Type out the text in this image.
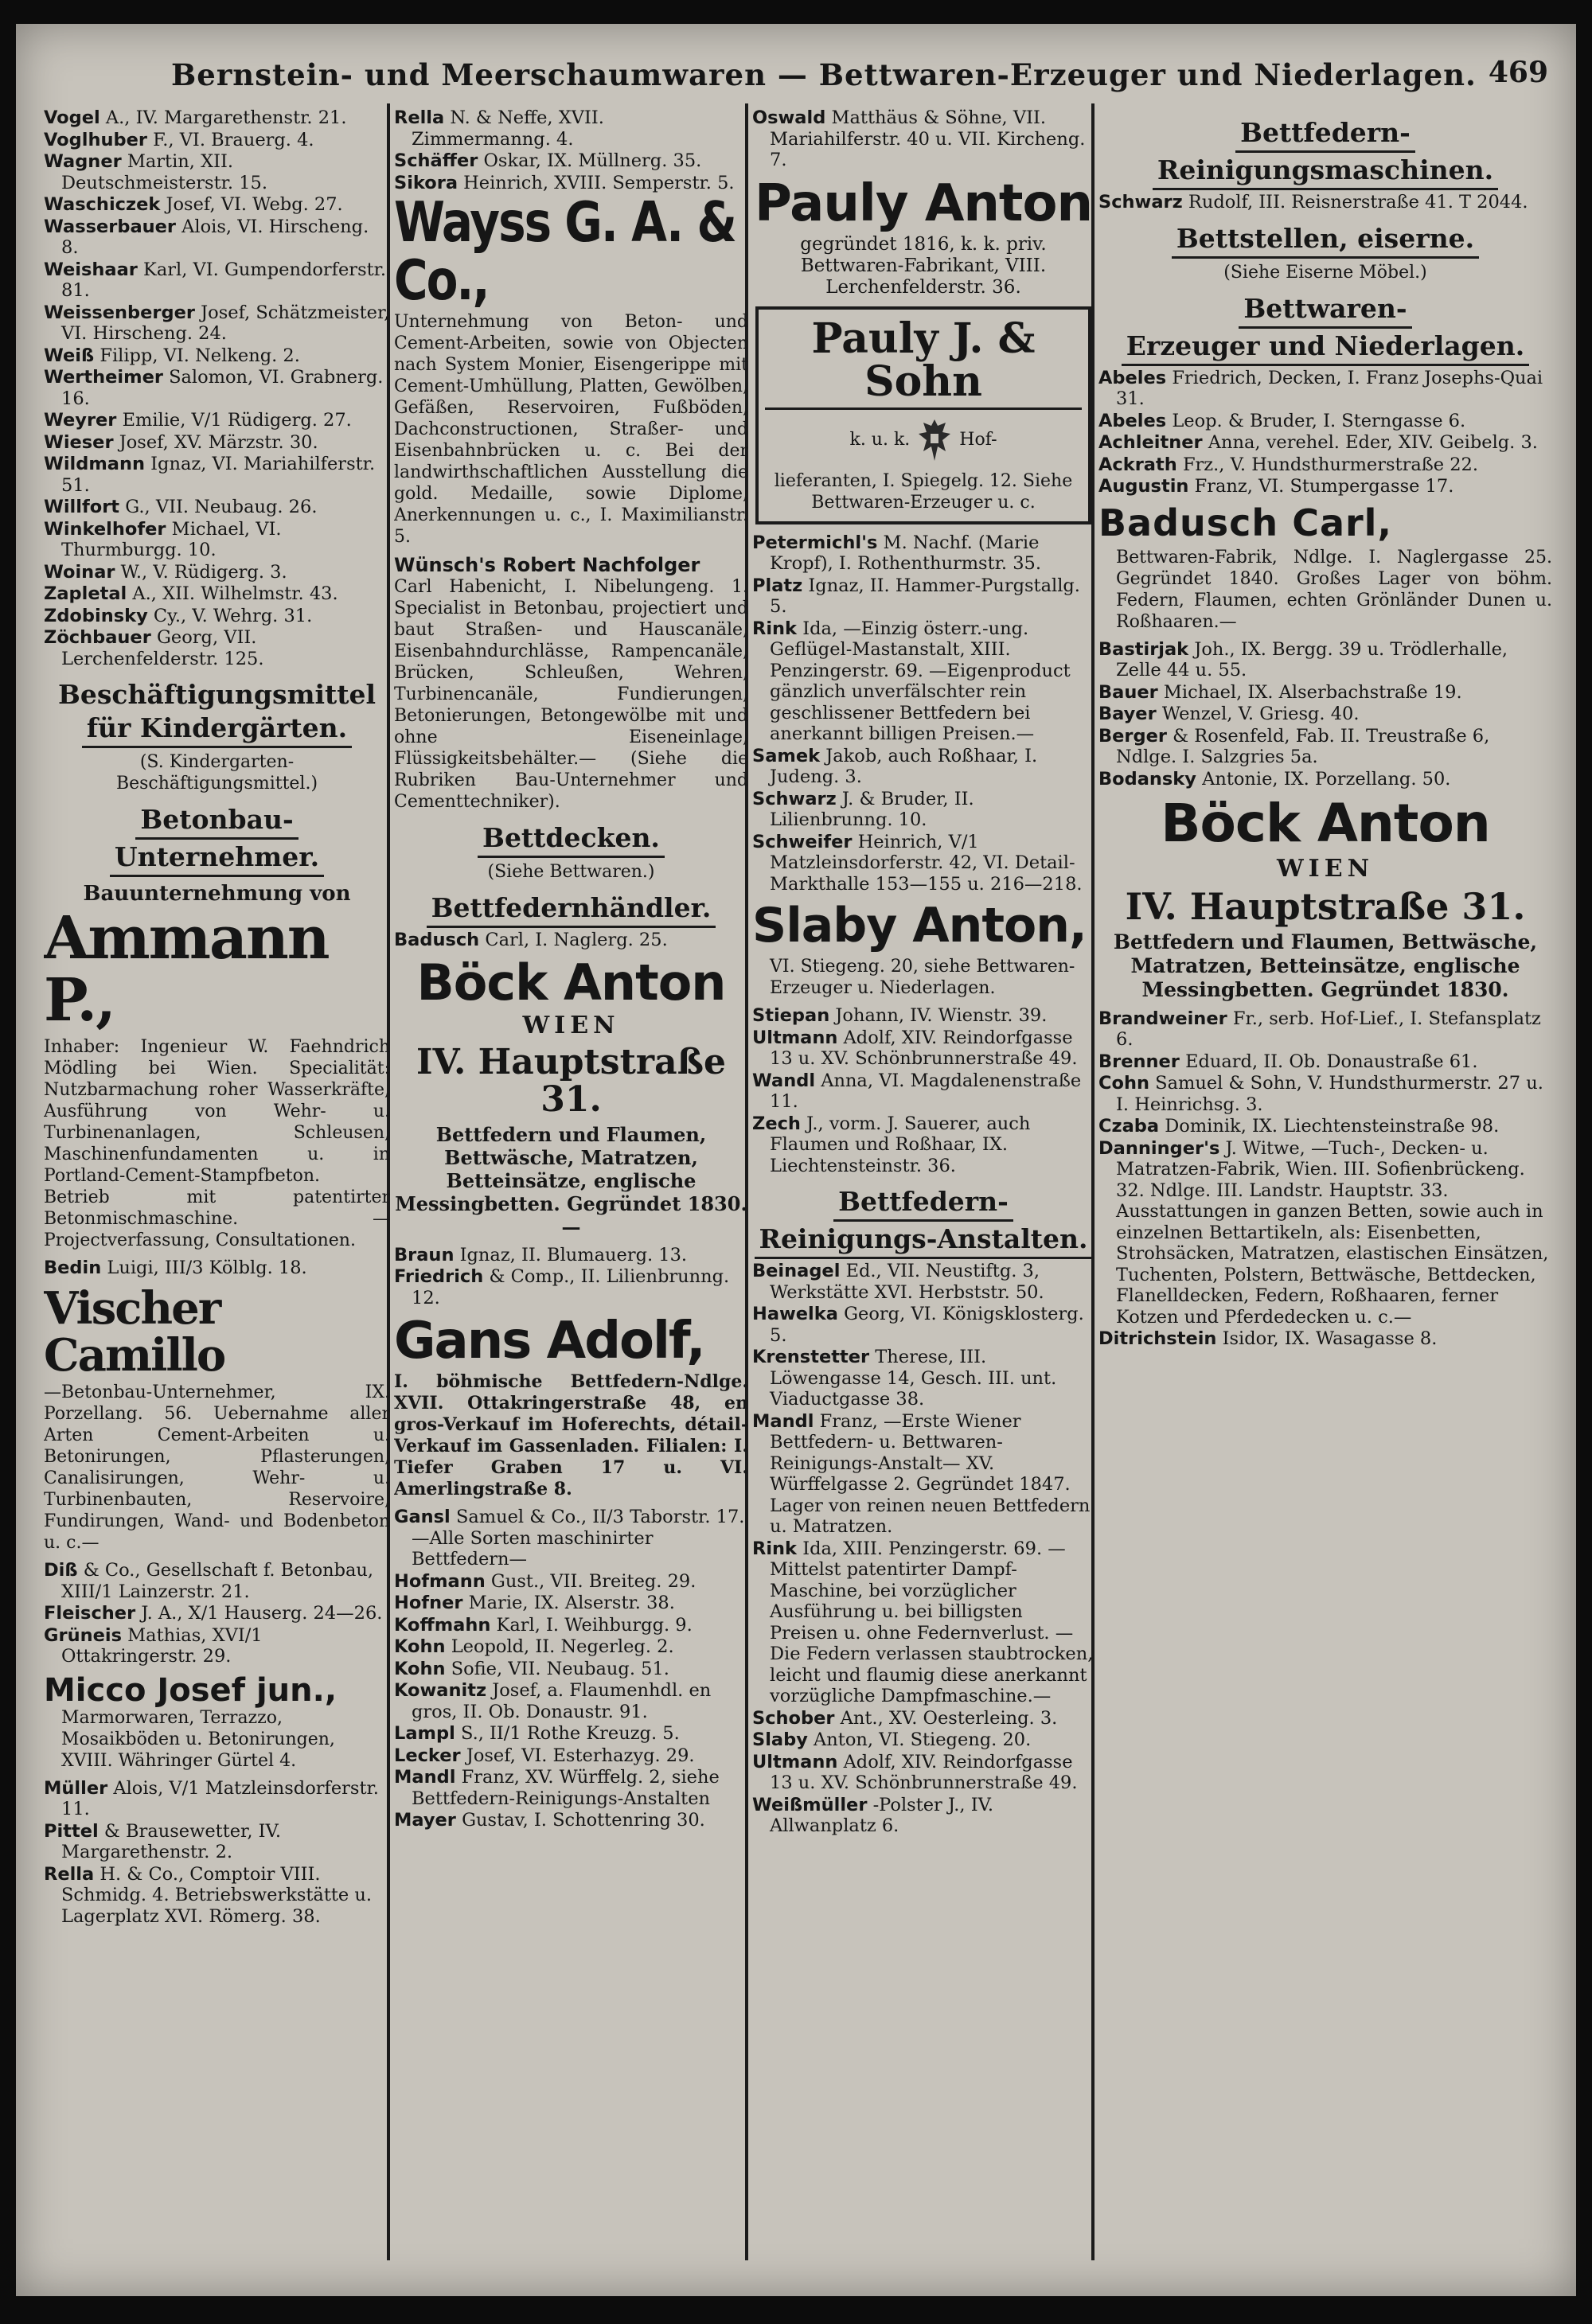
Bernstein- und Meerschaumwaren — Bettwaren-Erzeuger und Niederlagen. 469
Vogel A., IV. Margarethenstr. 21.
Voglhuber F., VI. Brauerg. 4.
Wagner Martin, XII. Deutschmeisterstr. 15.
Waschiczek Josef, VI. Webg. 27.
Wasserbauer Alois, VI. Hirscheng. 8.
Weishaar Karl, VI. Gumpendorferstr. 81.
Weissenberger Josef, Schätzmeister, VI. Hirscheng. 24.
Weiß Filipp, VI. Nelkeng. 2.
Wertheimer Salomon, VI. Grabnerg. 16.
Weyrer Emilie, V/1 Rüdigerg. 27.
Wieser Josef, XV. Märzstr. 30.
Wildmann Ignaz, VI. Mariahilferstr. 51.
Willfort G., VII. Neubaug. 26.
Winkelhofer Michael, VI. Thurmburgg. 10.
Woinar W., V. Rüdigerg. 3.
Zapletal A., XII. Wilhelmstr. 43.
Zdobinsky Cy., V. Wehrg. 31.
Zöchbauer Georg, VII. Lerchenfelderstr. 125.
Beschäftigungsmittel
für Kindergärten.
(S. Kindergarten-Beschäftigungsmittel.)
Betonbau-
Unternehmer.
Bauunternehmung von
Ammann P.,
Inhaber: Ingenieur W. Faehndrich Mödling bei Wien. Specialität: Nutzbarmachung roher Wasserkräfte, Ausführung von Wehr- u. Turbinenanlagen, Schleusen, Maschinenfundamenten u. in Portland-Cement-Stampfbeton. Betrieb mit patentirter Betonmischmaschine. — Projectverfassung, Consultationen.
Bedin Luigi, III/3 Kölblg. 18.
Vischer Camillo
—Betonbau-Unternehmer, IX. Porzellang. 56. Uebernahme aller Arten Cement-Arbeiten u. Betonirungen, Pflasterungen, Canalisirungen, Wehr- u. Turbinenbauten, Reservoire, Fundirungen, Wand- und Bodenbeton u. c.—
Diß & Co., Gesellschaft f. Betonbau, XIII/1 Lainzerstr. 21.
Fleischer J. A., X/1 Hauserg. 24—26.
Grüneis Mathias, XVI/1 Ottakringerstr. 29.
Micco Josef jun.,
Marmorwaren, Terrazzo, Mosaikböden u. Betonirungen, XVIII. Währinger Gürtel 4.
Müller Alois, V/1 Matzleinsdorferstr. 11.
Pittel & Brausewetter, IV. Margarethenstr. 2.
Rella H. & Co., Comptoir VIII. Schmidg. 4. Betriebswerkstätte u. Lagerplatz XVI. Römerg. 38.
Rella N. & Neffe, XVII. Zimmermanng. 4.
Schäffer Oskar, IX. Müllnerg. 35.
Sikora Heinrich, XVIII. Semperstr. 5.
Wayss G. A. & Co.,
Unternehmung von Beton- und Cement-Arbeiten, sowie von Objecten nach System Monier, Eisengerippe mit Cement-Umhüllung, Platten, Gewölben, Gefäßen, Reservoiren, Fußböden, Dachconstructionen, Straßer- und Eisenbahnbrücken u. c. Bei der landwirthschaftlichen Ausstellung die gold. Medaille, sowie Diplome, Anerkennungen u. c., I. Maximilianstr. 5.
Wünsch's Robert Nachfolger
Carl Habenicht, I. Nibelungeng. 1. Specialist in Betonbau, projectiert und baut Straßen- und Hauscanäle, Eisenbahndurchlässe, Rampencanäle, Brücken, Schleußen, Wehren, Turbinencanäle, Fundierungen, Betonierungen, Betongewölbe mit und ohne Eiseneinlage, Flüssigkeitsbehälter.— (Siehe die Rubriken Bau-Unternehmer und Cementtechniker).
Bettdecken.
(Siehe Bettwaren.)
Bettfedernhändler.
Badusch Carl, I. Naglerg. 25.
Böck Anton
WIEN
IV. Hauptstraße 31.
Bettfedern und Flaumen, Bettwäsche, Matratzen, Betteinsätze, englische Messingbetten. Gegründet 1830.—
Braun Ignaz, II. Blumauerg. 13.
Friedrich & Comp., II. Lilienbrunng. 12.
Gans Adolf,
I. böhmische Bettfedern-Ndlge. XVII. Ottakringerstraße 48, en gros-Verkauf im Hoferechts, détail-Verkauf im Gassenladen. Filialen: I. Tiefer Graben 17 u. VI. Amerlingstraße 8.
Gansl Samuel & Co., II/3 Taborstr. 17. —Alle Sorten maschinirter Bettfedern—
Hofmann Gust., VII. Breiteg. 29.
Hofner Marie, IX. Alserstr. 38.
Koffmahn Karl, I. Weihburgg. 9.
Kohn Leopold, II. Negerleg. 2.
Kohn Sofie, VII. Neubaug. 51.
Kowanitz Josef, a. Flaumenhdl. en gros, II. Ob. Donaustr. 91.
Lampl S., II/1 Rothe Kreuzg. 5.
Lecker Josef, VI. Esterhazyg. 29.
Mandl Franz, XV. Würffelg. 2, siehe Bettfedern-Reinigungs-Anstalten
Mayer Gustav, I. Schottenring 30.
Oswald Matthäus & Söhne, VII. Mariahilferstr. 40 u. VII. Kircheng. 7.
Pauly Anton
gegründet 1816, k. k. priv. Bettwaren-Fabrikant, VIII. Lerchenfelderstr. 36.
Pauly J. & Sohn
k. u. k.	Hof-
lieferanten, I. Spiegelg. 12. Siehe Bettwaren-Erzeuger u. c.
Petermichl's M. Nachf. (Marie Kropf), I. Rothenthurmstr. 35.
Platz Ignaz, II. Hammer-Purgstallg. 5.
Rink Ida, —Einzig österr.-ung. Geflügel-Mastanstalt, XIII. Penzingerstr. 69. —Eigenproduct gänzlich unverfälschter rein geschlissener Bettfedern bei anerkannt billigen Preisen.—
Samek Jakob, auch Roßhaar, I. Judeng. 3.
Schwarz J. & Bruder, II. Lilienbrunng. 10.
Schweifer Heinrich, V/1 Matzleinsdorferstr. 42, VI. Detail-Markthalle 153—155 u. 216—218.
Slaby Anton,
VI. Stiegeng. 20, siehe Bettwaren-Erzeuger u. Niederlagen.
Stiepan Johann, IV. Wienstr. 39.
Ultmann Adolf, XIV. Reindorfgasse 13 u. XV. Schönbrunnerstraße 49.
Wandl Anna, VI. Magdalenenstraße 11.
Zech J., vorm. J. Sauerer, auch Flaumen und Roßhaar, IX. Liechtensteinstr. 36.
Bettfedern-
Reinigungs-Anstalten.
Beinagel Ed., VII. Neustiftg. 3, Werkstätte XVI. Herbststr. 50.
Hawelka Georg, VI. Königsklosterg. 5.
Krenstetter Therese, III. Löwengasse 14, Gesch. III. unt. Viaductgasse 38.
Mandl Franz, —Erste Wiener Bettfedern- u. Bettwaren-Reinigungs-Anstalt— XV. Würffelgasse 2. Gegründet 1847. Lager von reinen neuen Bettfedern u. Matratzen.
Rink Ida, XIII. Penzingerstr. 69. —Mittelst patentirter Dampf-Maschine, bei vorzüglicher Ausführung u. bei billigsten Preisen u. ohne Federnverlust. — Die Federn verlassen staubtrocken, leicht und flaumig diese anerkannt vorzügliche Dampfmaschine.—
Schober Ant., XV. Oesterleing. 3.
Slaby Anton, VI. Stiegeng. 20.
Ultmann Adolf, XIV. Reindorfgasse 13 u. XV. Schönbrunnerstraße 49.
Weißmüller -Polster J., IV. Allwanplatz 6.
Bettfedern-
Reinigungsmaschinen.
Schwarz Rudolf, III. Reisnerstraße 41. T 2044.
Bettstellen, eiserne.
(Siehe Eiserne Möbel.)
Bettwaren-
Erzeuger und Niederlagen.
Abeles Friedrich, Decken, I. Franz Josephs-Quai 31.
Abeles Leop. & Bruder, I. Sterngasse 6.
Achleitner Anna, verehel. Eder, XIV. Geibelg. 3.
Ackrath Frz., V. Hundsthurmerstraße 22.
Augustin Franz, VI. Stumpergasse 17.
Badusch Carl,
Bettwaren-Fabrik, Ndlge. I. Naglergasse 25. Gegründet 1840. Großes Lager von böhm. Federn, Flaumen, echten Grönländer Dunen u. Roßhaaren.—
Bastirjak Joh., IX. Bergg. 39 u. Trödlerhalle, Zelle 44 u. 55.
Bauer Michael, IX. Alserbachstraße 19.
Bayer Wenzel, V. Griesg. 40.
Berger & Rosenfeld, Fab. II. Treustraße 6, Ndlge. I. Salzgries 5a.
Bodansky Antonie, IX. Porzellang. 50.
Böck Anton
WIEN
IV. Hauptstraße 31.
Bettfedern und Flaumen, Bettwäsche, Matratzen, Betteinsätze, englische Messingbetten. Gegründet 1830.
Brandweiner Fr., serb. Hof-Lief., I. Stefansplatz 6.
Brenner Eduard, II. Ob. Donaustraße 61.
Cohn Samuel & Sohn, V. Hundsthurmerstr. 27 u. I. Heinrichsg. 3.
Czaba Dominik, IX. Liechtensteinstraße 98.
Danninger's J. Witwe, —Tuch-, Decken- u. Matratzen-Fabrik, Wien. III. Sofienbrückeng. 32. Ndlge. III. Landstr. Hauptstr. 33. Ausstattungen in ganzen Betten, sowie auch in einzelnen Bettartikeln, als: Eisenbetten, Strohsäcken, Matratzen, elastischen Einsätzen, Tuchenten, Polstern, Bettwäsche, Bettdecken, Flanelldecken, Federn, Roßhaaren, ferner Kotzen und Pferdedecken u. c.—
Ditrichstein Isidor, IX. Wasagasse 8.
